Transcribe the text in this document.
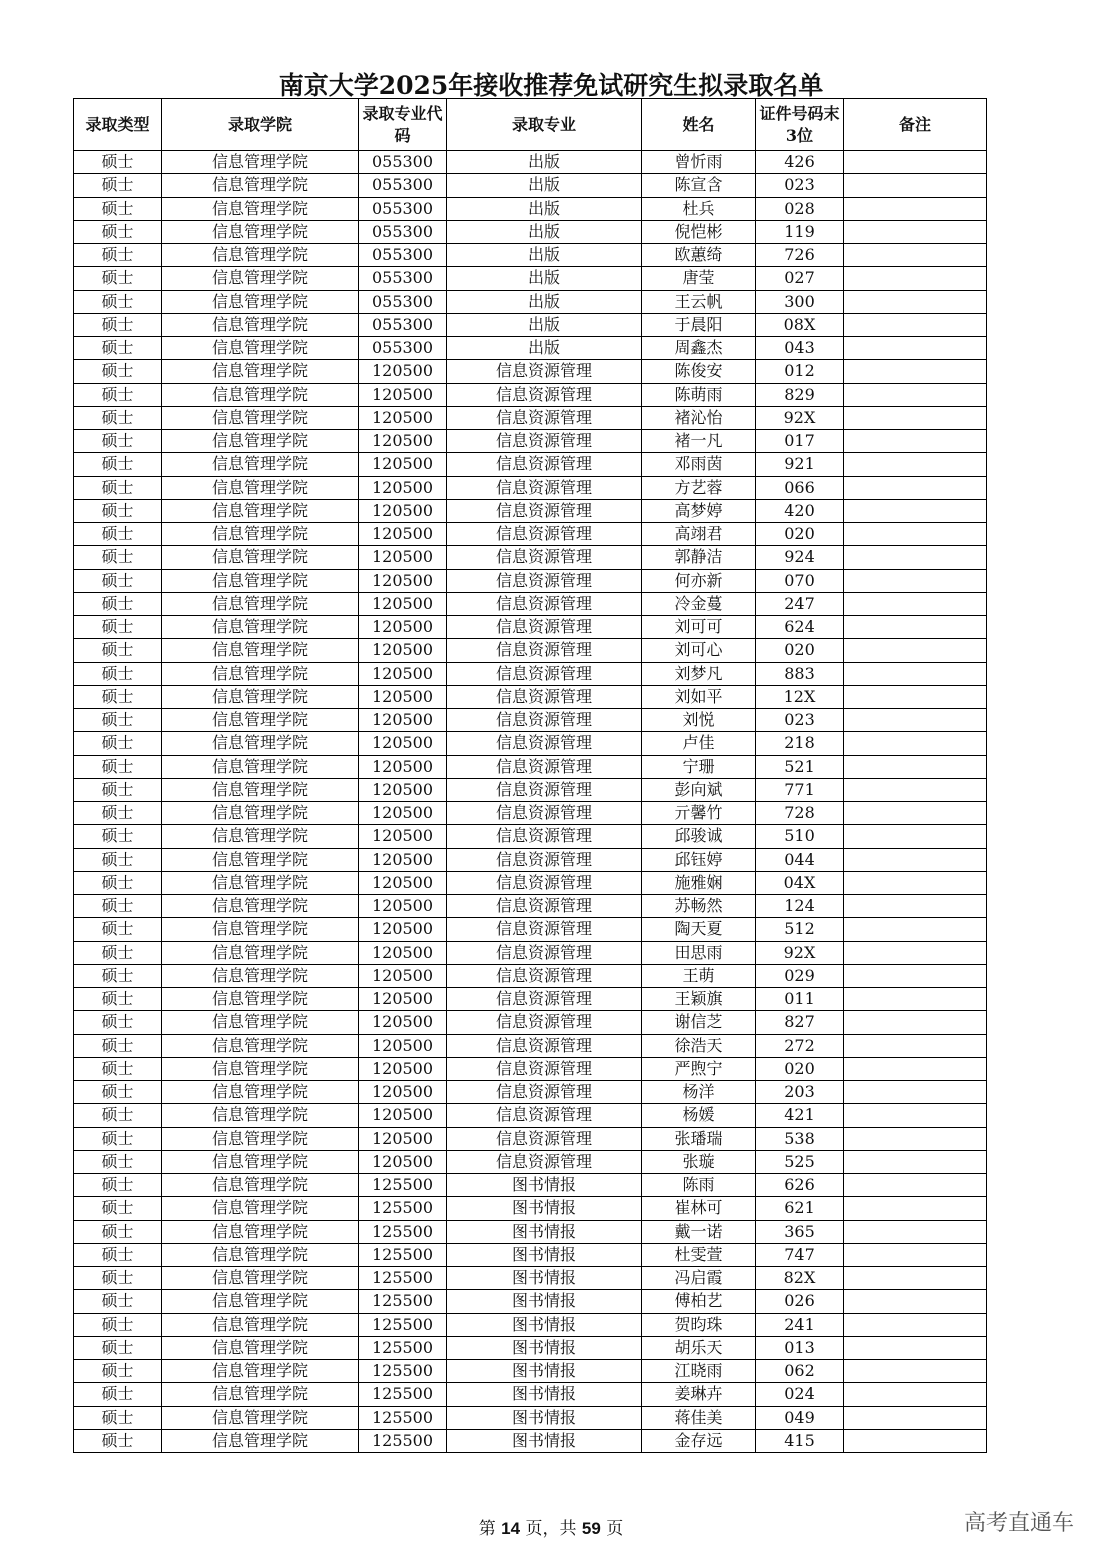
南京大学2025年接收推荐免试研究生拟录取名单
录取类型	录取学院	录取专业代码	录取专业	姓名	证件号码末3位	备注
硕士	信息管理学院	055300	出版	曾忻雨	426	
硕士	信息管理学院	055300	出版	陈宣含	023	
硕士	信息管理学院	055300	出版	杜兵	028	
硕士	信息管理学院	055300	出版	倪恺彬	119	
硕士	信息管理学院	055300	出版	欧蕙绮	726	
硕士	信息管理学院	055300	出版	唐莹	027	
硕士	信息管理学院	055300	出版	王云帆	300	
硕士	信息管理学院	055300	出版	于晨阳	08X	
硕士	信息管理学院	055300	出版	周鑫杰	043	
硕士	信息管理学院	120500	信息资源管理	陈俊安	012	
硕士	信息管理学院	120500	信息资源管理	陈萌雨	829	
硕士	信息管理学院	120500	信息资源管理	褚沁怡	92X	
硕士	信息管理学院	120500	信息资源管理	褚一凡	017	
硕士	信息管理学院	120500	信息资源管理	邓雨茵	921	
硕士	信息管理学院	120500	信息资源管理	方艺蓉	066	
硕士	信息管理学院	120500	信息资源管理	高梦婷	420	
硕士	信息管理学院	120500	信息资源管理	高翊君	020	
硕士	信息管理学院	120500	信息资源管理	郭静洁	924	
硕士	信息管理学院	120500	信息资源管理	何亦新	070	
硕士	信息管理学院	120500	信息资源管理	冷金蔓	247	
硕士	信息管理学院	120500	信息资源管理	刘可可	624	
硕士	信息管理学院	120500	信息资源管理	刘可心	020	
硕士	信息管理学院	120500	信息资源管理	刘梦凡	883	
硕士	信息管理学院	120500	信息资源管理	刘如平	12X	
硕士	信息管理学院	120500	信息资源管理	刘悦	023	
硕士	信息管理学院	120500	信息资源管理	卢佳	218	
硕士	信息管理学院	120500	信息资源管理	宁珊	521	
硕士	信息管理学院	120500	信息资源管理	彭向斌	771	
硕士	信息管理学院	120500	信息资源管理	亓馨竹	728	
硕士	信息管理学院	120500	信息资源管理	邱骏诚	510	
硕士	信息管理学院	120500	信息资源管理	邱钰婷	044	
硕士	信息管理学院	120500	信息资源管理	施雅娴	04X	
硕士	信息管理学院	120500	信息资源管理	苏畅然	124	
硕士	信息管理学院	120500	信息资源管理	陶天夏	512	
硕士	信息管理学院	120500	信息资源管理	田思雨	92X	
硕士	信息管理学院	120500	信息资源管理	王萌	029	
硕士	信息管理学院	120500	信息资源管理	王颖旗	011	
硕士	信息管理学院	120500	信息资源管理	谢信芝	827	
硕士	信息管理学院	120500	信息资源管理	徐浩天	272	
硕士	信息管理学院	120500	信息资源管理	严煦宁	020	
硕士	信息管理学院	120500	信息资源管理	杨洋	203	
硕士	信息管理学院	120500	信息资源管理	杨媛	421	
硕士	信息管理学院	120500	信息资源管理	张璠瑞	538	
硕士	信息管理学院	120500	信息资源管理	张璇	525	
硕士	信息管理学院	125500	图书情报	陈雨	626	
硕士	信息管理学院	125500	图书情报	崔林可	621	
硕士	信息管理学院	125500	图书情报	戴一诺	365	
硕士	信息管理学院	125500	图书情报	杜雯萱	747	
硕士	信息管理学院	125500	图书情报	冯启霞	82X	
硕士	信息管理学院	125500	图书情报	傅柏艺	026	
硕士	信息管理学院	125500	图书情报	贺昀珠	241	
硕士	信息管理学院	125500	图书情报	胡乐天	013	
硕士	信息管理学院	125500	图书情报	江晓雨	062	
硕士	信息管理学院	125500	图书情报	姜琳卉	024	
硕士	信息管理学院	125500	图书情报	蒋佳美	049	
硕士	信息管理学院	125500	图书情报	金存远	415	
第 14 页，共 59 页	高考直通车
